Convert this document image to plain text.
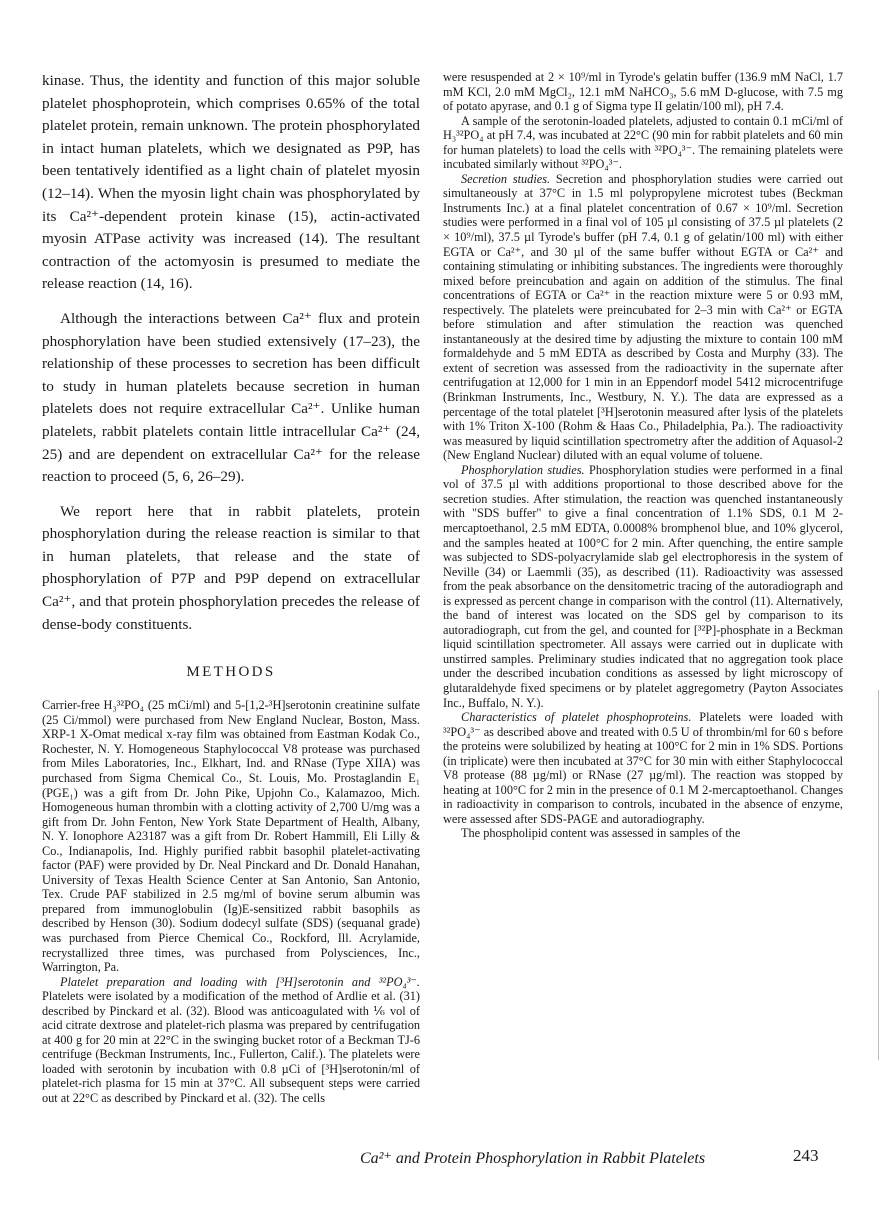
kinase. Thus, the identity and function of this major soluble platelet phosphoprotein, which comprises 0.65% of the total platelet protein, remain unknown. The protein phosphorylated in intact human platelets, which we designated as P9P, has been tentatively identified as a light chain of platelet myosin (12–14). When the myosin light chain was phosphorylated by its Ca²⁺-dependent protein kinase (15), actin-activated myosin ATPase activity was increased (14). The resultant contraction of the actomyosin is presumed to mediate the release reaction (14, 16).

Although the interactions between Ca²⁺ flux and protein phosphorylation have been studied extensively (17–23), the relationship of these processes to secretion has been difficult to study in human platelets because secretion in human platelets does not require extracellular Ca²⁺. Unlike human platelets, rabbit platelets contain little intracellular Ca²⁺ (24, 25) and are dependent on extracellular Ca²⁺ for the release reaction to proceed (5, 6, 26–29).

We report here that in rabbit platelets, protein phosphorylation during the release reaction is similar to that in human platelets, that release and the state of phosphorylation of P7P and P9P depend on extracellular Ca²⁺, and that protein phosphorylation precedes the release of dense-body constituents.

METHODS

Carrier-free H₃³²PO₄ (25 mCi/ml) and 5-[1,2-³H]serotonin creatinine sulfate (25 Ci/mmol) were purchased from New England Nuclear, Boston, Mass. XRP-1 X-Omat medical x-ray film was obtained from Eastman Kodak Co., Rochester, N. Y. Homogeneous Staphylococcal V8 protease was purchased from Miles Laboratories, Inc., Elkhart, Ind. and RNase (Type XIIA) was purchased from Sigma Chemical Co., St. Louis, Mo. Prostaglandin E₁ (PGE₁) was a gift from Dr. John Pike, Upjohn Co., Kalamazoo, Mich. Homogeneous human thrombin with a clotting activity of 2,700 U/mg was a gift from Dr. John Fenton, New York State Department of Health, Albany, N. Y. Ionophore A23187 was a gift from Dr. Robert Hammill, Eli Lilly & Co., Indianapolis, Ind. Highly purified rabbit basophil platelet-activating factor (PAF) were provided by Dr. Neal Pinckard and Dr. Donald Hanahan, University of Texas Health Science Center at San Antonio, San Antonio, Tex. Crude PAF stabilized in 2.5 mg/ml of bovine serum albumin was prepared from immunoglobulin (Ig)E-sensitized rabbit basophils as described by Henson (30). Sodium dodecyl sulfate (SDS) (sequanal grade) was purchased from Pierce Chemical Co., Rockford, Ill. Acrylamide, recrystallized three times, was purchased from Polysciences, Inc., Warrington, Pa.

Platelet preparation and loading with [³H]serotonin and ³²PO₄³⁻. Platelets were isolated by a modification of the method of Ardlie et al. (31) described by Pinckard et al. (32). Blood was anticoagulated with ⅙ vol of acid citrate dextrose and platelet-rich plasma was prepared by centrifugation at 400 g for 20 min at 22°C in the swinging bucket rotor of a Beckman TJ-6 centrifuge (Beckman Instruments, Inc., Fullerton, Calif.). The platelets were loaded with serotonin by incubation with 0.8 µCi of [³H]serotonin/ml of platelet-rich plasma for 15 min at 37°C. All subsequent steps were carried out at 22°C as described by Pinckard et al. (32). The cells

were resuspended at 2 × 10⁹/ml in Tyrode's gelatin buffer (136.9 mM NaCl, 1.7 mM KCl, 2.0 mM MgCl₂, 12.1 mM NaHCO₃, 5.6 mM D-glucose, with 7.5 mg of potato apyrase, and 0.1 g of Sigma type II gelatin/100 ml), pH 7.4.

A sample of the serotonin-loaded platelets, adjusted to contain 0.1 mCi/ml of H₃³²PO₄ at pH 7.4, was incubated at 22°C (90 min for rabbit platelets and 60 min for human platelets) to load the cells with ³²PO₄³⁻. The remaining platelets were incubated similarly without ³²PO₄³⁻.

Secretion studies. Secretion and phosphorylation studies were carried out simultaneously at 37°C in 1.5 ml polypropylene microtest tubes (Beckman Instruments Inc.) at a final platelet concentration of 0.67 × 10⁹/ml. Secretion studies were performed in a final vol of 105 µl consisting of 37.5 µl platelets (2 × 10⁹/ml), 37.5 µl Tyrode's buffer (pH 7.4, 0.1 g of gelatin/100 ml) with either EGTA or Ca²⁺, and 30 µl of the same buffer without EGTA or Ca²⁺ and containing stimulating or inhibiting substances. The ingredients were thoroughly mixed before preincubation and again on addition of the stimulus. The final concentrations of EGTA or Ca²⁺ in the reaction mixture were 5 or 0.93 mM, respectively. The platelets were preincubated for 2–3 min with Ca²⁺ or EGTA before stimulation and after stimulation the reaction was quenched instantaneously at the desired time by adjusting the mixture to contain 100 mM formaldehyde and 5 mM EDTA as described by Costa and Murphy (33). The extent of secretion was assessed from the radioactivity in the supernate after centrifugation at 12,000 for 1 min in an Eppendorf model 5412 microcentrifuge (Brinkman Instruments, Inc., Westbury, N. Y.). The data are expressed as a percentage of the total platelet [³H]serotonin measured after lysis of the platelets with 1% Triton X-100 (Rohm & Haas Co., Philadelphia, Pa.). The radioactivity was measured by liquid scintillation spectrometry after the addition of Aquasol-2 (New England Nuclear) diluted with an equal volume of toluene.

Phosphorylation studies. Phosphorylation studies were performed in a final vol of 37.5 µl with additions proportional to those described above for the secretion studies. After stimulation, the reaction was quenched instantaneously with "SDS buffer" to give a final concentration of 1.1% SDS, 0.1 M 2-mercaptoethanol, 2.5 mM EDTA, 0.0008% bromphenol blue, and 10% glycerol, and the samples heated at 100°C for 2 min. After quenching, the entire sample was subjected to SDS-polyacrylamide slab gel electrophoresis in the system of Neville (34) or Laemmli (35), as described (11). Radioactivity was assessed from the peak absorbance on the densitometric tracing of the autoradiograph and is expressed as percent change in comparison with the control (11). Alternatively, the band of interest was located on the SDS gel by comparison to its autoradiograph, cut from the gel, and counted for [³²P]-phosphate in a Beckman liquid scintillation spectrometer. All assays were carried out in duplicate with unstirred samples. Preliminary studies indicated that no aggregation took place under the described incubation conditions as assessed by light microscopy of glutaraldehyde fixed specimens or by platelet aggregometry (Payton Associates Inc., Buffalo, N. Y.).

Characteristics of platelet phosphoproteins. Platelets were loaded with ³²PO₄³⁻ as described above and treated with 0.5 U of thrombin/ml for 60 s before the proteins were solubilized by heating at 100°C for 2 min in 1% SDS. Portions (in triplicate) were then incubated at 37°C for 30 min with either Staphylococcal V8 protease (88 µg/ml) or RNase (27 µg/ml). The reaction was stopped by heating at 100°C for 2 min in the presence of 0.1 M 2-mercaptoethanol. Changes in radioactivity in comparison to controls, incubated in the absence of enzyme, were assessed after SDS-PAGE and autoradiography.

The phospholipid content was assessed in samples of the

Ca²⁺ and Protein Phosphorylation in Rabbit Platelets	243
